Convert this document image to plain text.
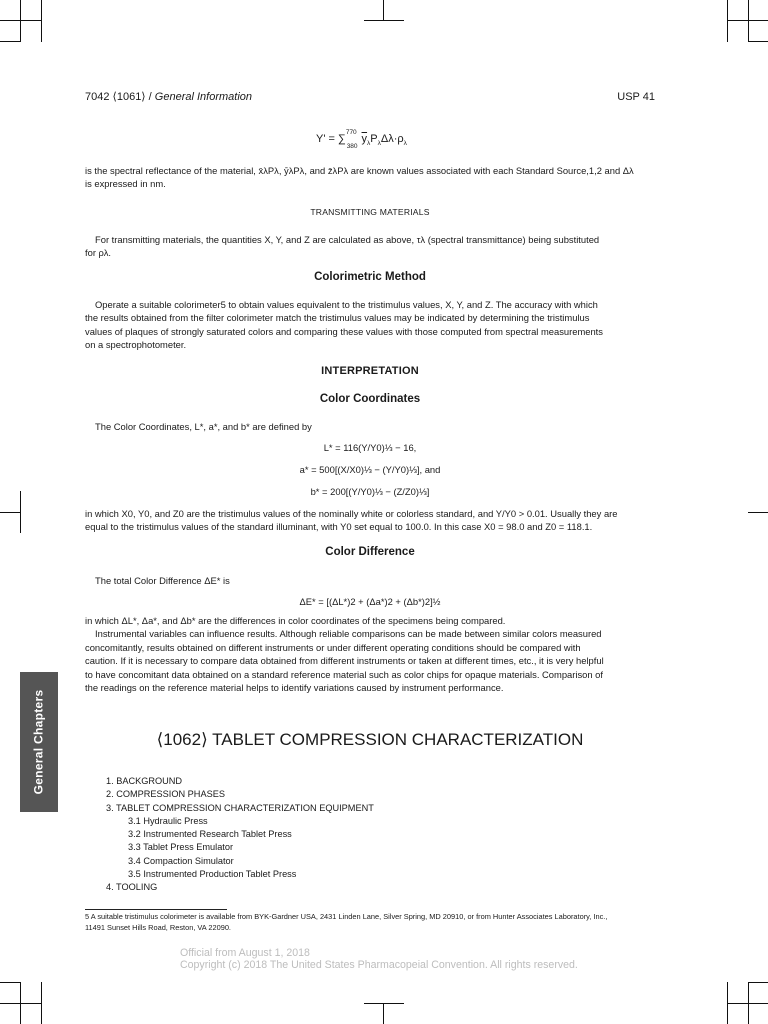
7042 ⟨1061⟩ / General Information	USP 41
$Y' = \sum^{770}_{380}\overline{y}_\lambda P_\lambda\Delta\lambda\cdot\rho_\lambda$
is the spectral reflectance of the material, x̄λPλ, ȳλPλ, and z̄λPλ are known values associated with each Standard Source,1,2 and Δλ
is expressed in nm.
TRANSMITTING MATERIALS
For transmitting materials, the quantities X, Y, and Z are calculated as above, τλ (spectral transmittance) being substituted
for ρλ.
Colorimetric Method
Operate a suitable colorimeter5 to obtain values equivalent to the tristimulus values, X, Y, and Z. The accuracy with which
the results obtained from the filter colorimeter match the tristimulus values may be indicated by determining the tristimulus
values of plaques of strongly saturated colors and comparing these values with those computed from spectral measurements
on a spectrophotometer.
INTERPRETATION
Color Coordinates
The Color Coordinates, L*, a*, and b* are defined by
L* = 116(Y/Y0)⅓ − 16,
a* = 500[(X/X0)⅓ − (Y/Y0)⅓], and
b* = 200[(Y/Y0)⅓ − (Z/Z0)⅓]
in which X0, Y0, and Z0 are the tristimulus values of the nominally white or colorless standard, and Y/Y0 > 0.01. Usually they are
equal to the tristimulus values of the standard illuminant, with Y0 set equal to 100.0. In this case X0 = 98.0 and Z0 = 118.1.
Color Difference
The total Color Difference ΔE* is
ΔE* = [(ΔL*)2 + (Δa*)2 + (Δb*)2]½
in which ΔL*, Δa*, and Δb* are the differences in color coordinates of the specimens being compared.
Instrumental variables can influence results. Although reliable comparisons can be made between similar colors measured
concomitantly, results obtained on different instruments or under different operating conditions should be compared with
caution. If it is necessary to compare data obtained from different instruments or taken at different times, etc., it is very helpful
to have concomitant data obtained on a standard reference material such as color chips for opaque materials. Comparison of
the readings on the reference material helps to identify variations caused by instrument performance.
General Chapters	⟨1062⟩ TABLET COMPRESSION CHARACTERIZATION
1. BACKGROUND
2. COMPRESSION PHASES
3. TABLET COMPRESSION CHARACTERIZATION EQUIPMENT
3.1 Hydraulic Press
3.2 Instrumented Research Tablet Press
3.3 Tablet Press Emulator
3.4 Compaction Simulator
3.5 Instrumented Production Tablet Press
4. TOOLING
5 A suitable tristimulus colorimeter is available from BYK-Gardner USA, 2431 Linden Lane, Silver Spring, MD 20910, or from Hunter Associates Laboratory, Inc.,
11491 Sunset Hills Road, Reston, VA 22090.
Official from August 1, 2018
Copyright (c) 2018 The United States Pharmacopeial Convention. All rights reserved.
